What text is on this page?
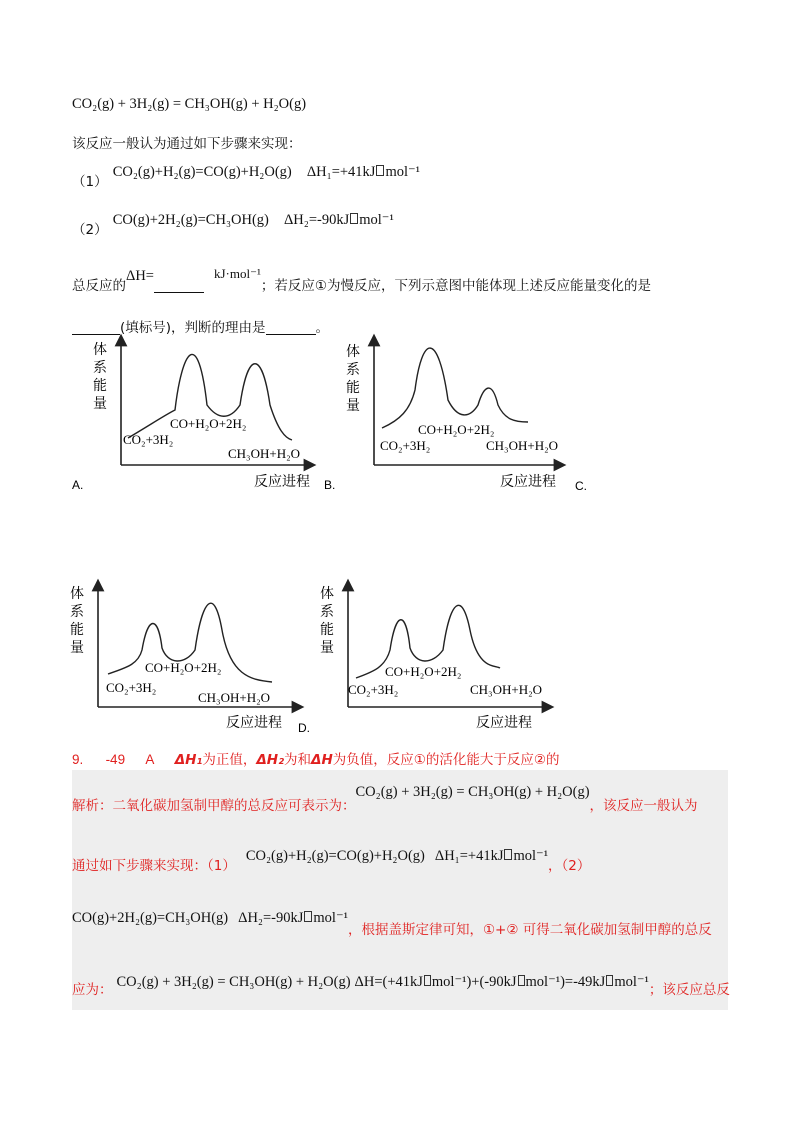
CO₂(g) + 3H₂(g) = CH₃OH(g) + H₂O(g)
该反应一般认为通过如下步骤来实现：
$_{(1)}$ CO₂(g)+H₂(g)=CO(g)+H₂O(g) ΔH₁=+41kJ mol⁻¹
$_{(2)}$ CO(g)+2H₂(g)=CH₃OH(g) ΔH₂=-90kJ mol⁻¹
$_{总反应的}$ΔH=	$^{kJ\cdot mol^{-1}}_{;若反应①为慢反应,下列示意图中能体现上述反应能量变化的是}$
(填标号)，判断的理由是	。
体
系
能
量
CO+H₂O+2H₂
CO₂+3H₂
CH₃OH+H₂O
反应进程
A.	B.
体
系
能
量
CO+H₂O+2H₂
CO₂+3H₂	CH₃OH+H₂O
反应进程 C.
体
系
能
量
CO+H₂O+2H₂
CO₂+3H₂
CH₃OH+H₂O
反应进程 D.
体
系
能
量
CO+H₂O+2H₂
CO₂+3H₂	CH₃OH+H₂O
反应进程
9. -49 A ΔH₁为正值，ΔH₂为和ΔH为负值，反应①的活化能大于反应②的
$_{解析:二氧化碳加氢制甲醇的总反应可表示为:}CO_2(g) + 3H_2(g) = CH_3OH(g) + H_2O(g)_{,该反应一般认为}$
$_{通过如下步骤来实现:(1)}$CO₂(g)+H₂(g)=CO(g)+H₂O(g) ΔH₁=+41kJ $mol^{-1}_{,(2)}$
CO(g)+2H₂(g)=CH₃OH(g) ΔH₂=-90kJ $mol^{-1}_{,根据盖斯定律可知,①+② 可得二氧化碳加氢制甲醇的总反}$
$_{应为:}$ CO₂(g) + 3H₂(g) = CH₃OH(g) + H₂O(g) ΔH=(+41kJ mol⁻¹)+(-90kJ mol⁻¹)=-49kJ $mol^{-1}_{;该反应总反}$
